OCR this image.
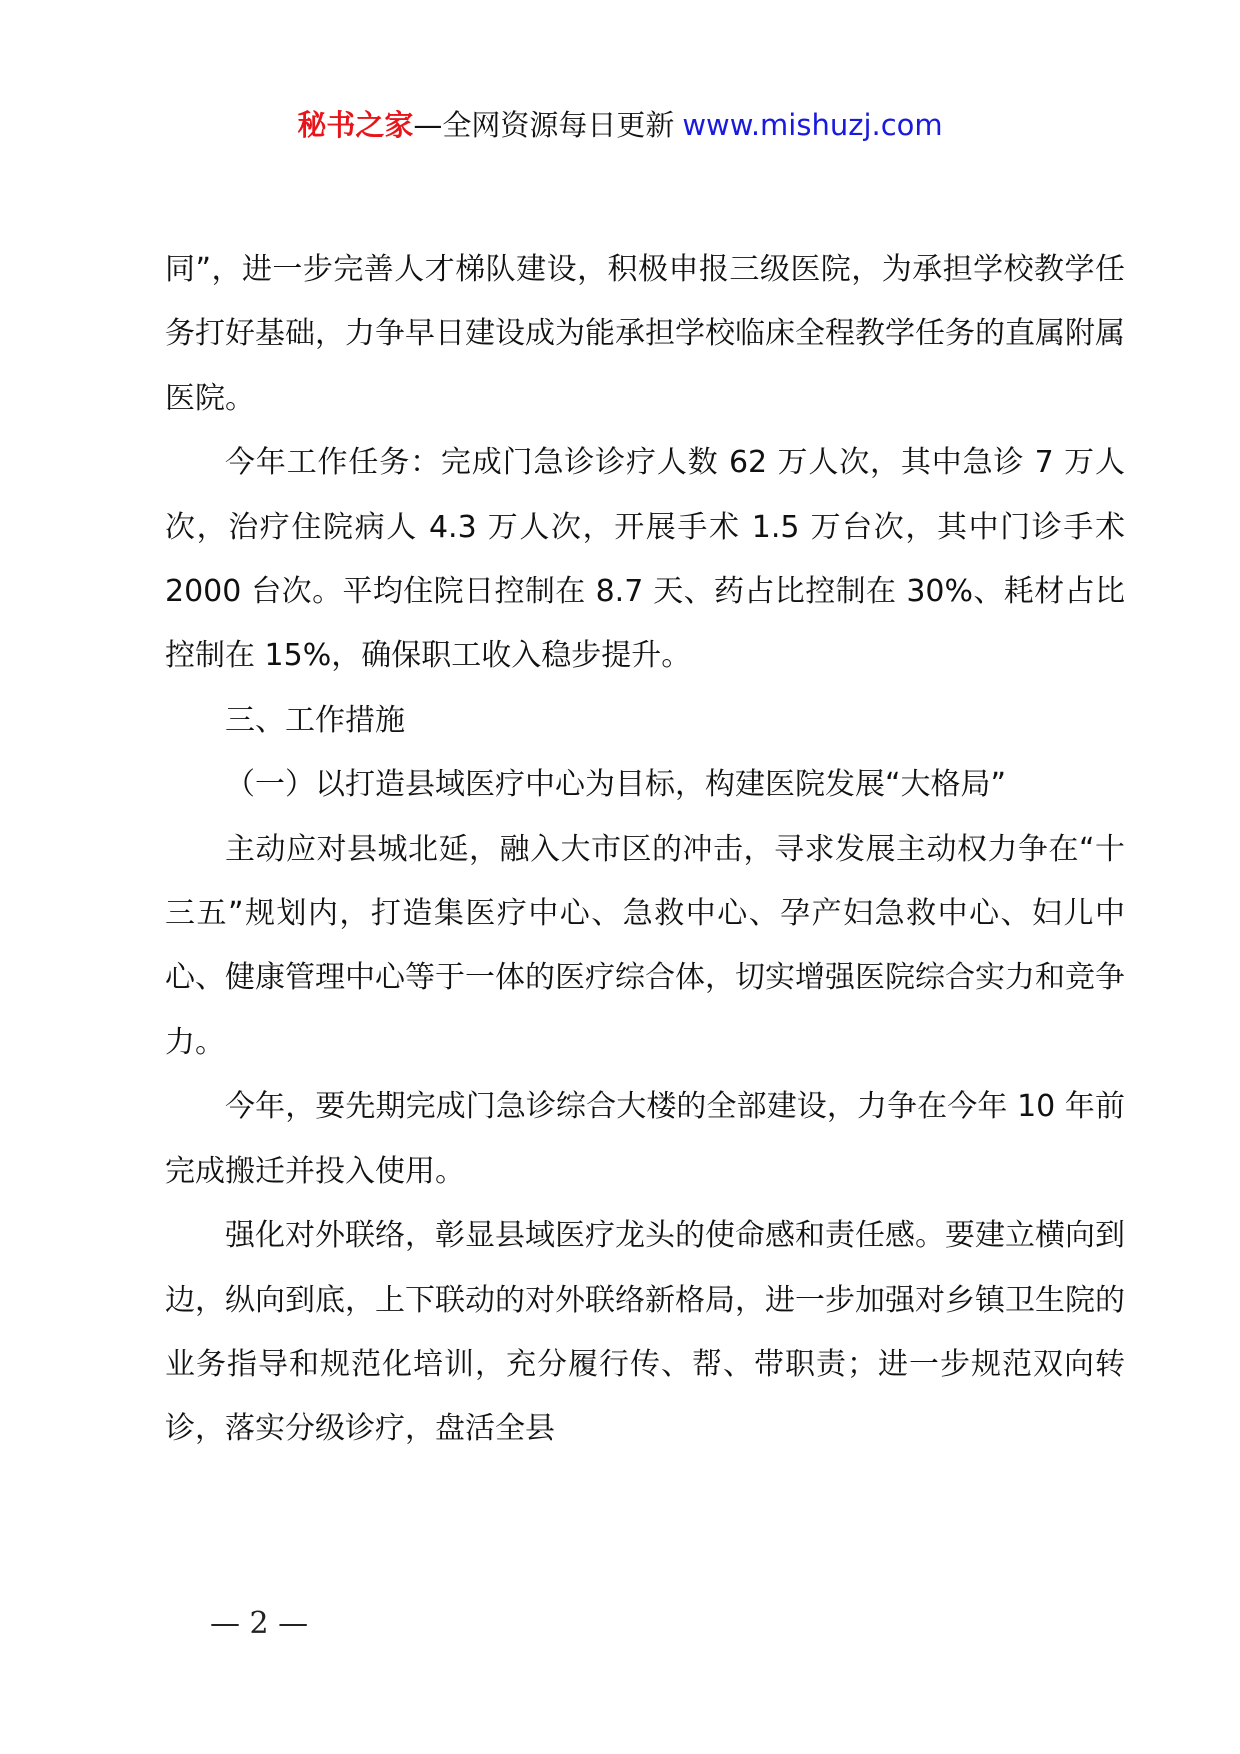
秘书之家—全网资源每日更新 www.mishuzj.com

同”，进一步完善人才梯队建设，积极申报三级医院，为承担学校教学任务打好基础，力争早日建设成为能承担学校临床全程教学任务的直属附属医院。

今年工作任务：完成门急诊诊疗人数 62 万人次，其中急诊 7 万人次，治疗住院病人 4.3 万人次，开展手术 1.5 万台次，其中门诊手术 2000 台次。平均住院日控制在 8.7 天、药占比控制在 30%、耗材占比控制在 15%，确保职工收入稳步提升。

三、工作措施

（一）以打造县域医疗中心为目标，构建医院发展“大格局”

主动应对县城北延，融入大市区的冲击，寻求发展主动权力争在“十三五”规划内，打造集医疗中心、急救中心、孕产妇急救中心、妇儿中心、健康管理中心等于一体的医疗综合体，切实增强医院综合实力和竞争力。

今年，要先期完成门急诊综合大楼的全部建设，力争在今年 10 年前完成搬迁并投入使用。

强化对外联络，彰显县域医疗龙头的使命感和责任感。要建立横向到边，纵向到底，上下联动的对外联络新格局，进一步加强对乡镇卫生院的业务指导和规范化培训，充分履行传、帮、带职责；进一步规范双向转诊，落实分级诊疗，盘活全县

— 2 —
